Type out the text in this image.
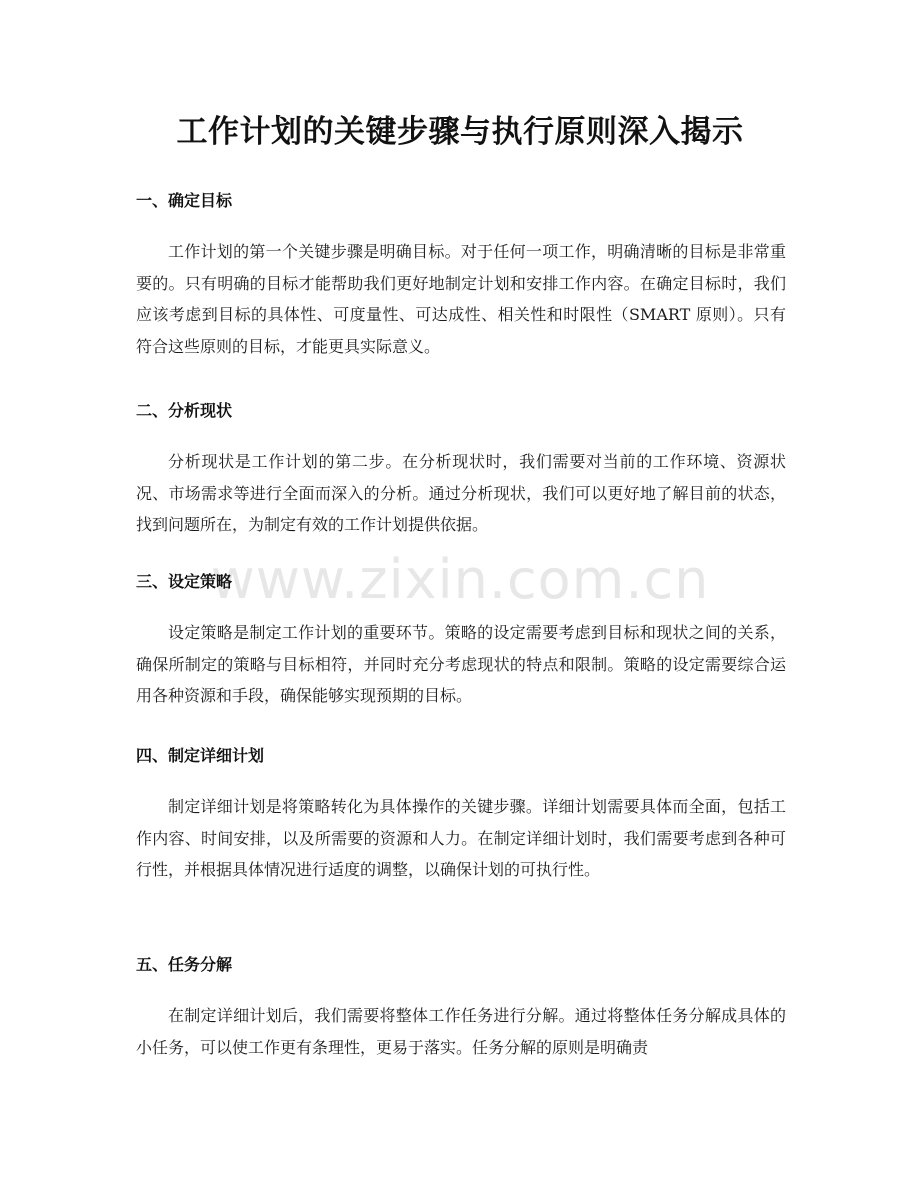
工作计划的关键步骤与执行原则深入揭示
www.zixin.com.cn
一、确定目标

工作计划的第一个关键步骤是明确目标。对于任何一项工作，明确清晰的目标是非常重要的。只有明确的目标才能帮助我们更好地制定计划和安排工作内容。在确定目标时，我们应该考虑到目标的具体性、可度量性、可达成性、相关性和时限性（SMART 原则）。只有符合这些原则的目标，才能更具实际意义。

二、分析现状

分析现状是工作计划的第二步。在分析现状时，我们需要对当前的工作环境、资源状况、市场需求等进行全面而深入的分析。通过分析现状，我们可以更好地了解目前的状态，找到问题所在，为制定有效的工作计划提供依据。

三、设定策略

设定策略是制定工作计划的重要环节。策略的设定需要考虑到目标和现状之间的关系，确保所制定的策略与目标相符，并同时充分考虑现状的特点和限制。策略的设定需要综合运用各种资源和手段，确保能够实现预期的目标。

四、制定详细计划

制定详细计划是将策略转化为具体操作的关键步骤。详细计划需要具体而全面，包括工作内容、时间安排，以及所需要的资源和人力。在制定详细计划时，我们需要考虑到各种可行性，并根据具体情况进行适度的调整，以确保计划的可执行性。

五、任务分解

在制定详细计划后，我们需要将整体工作任务进行分解。通过将整体任务分解成具体的小任务，可以使工作更有条理性，更易于落实。任务分解的原则是明确责
